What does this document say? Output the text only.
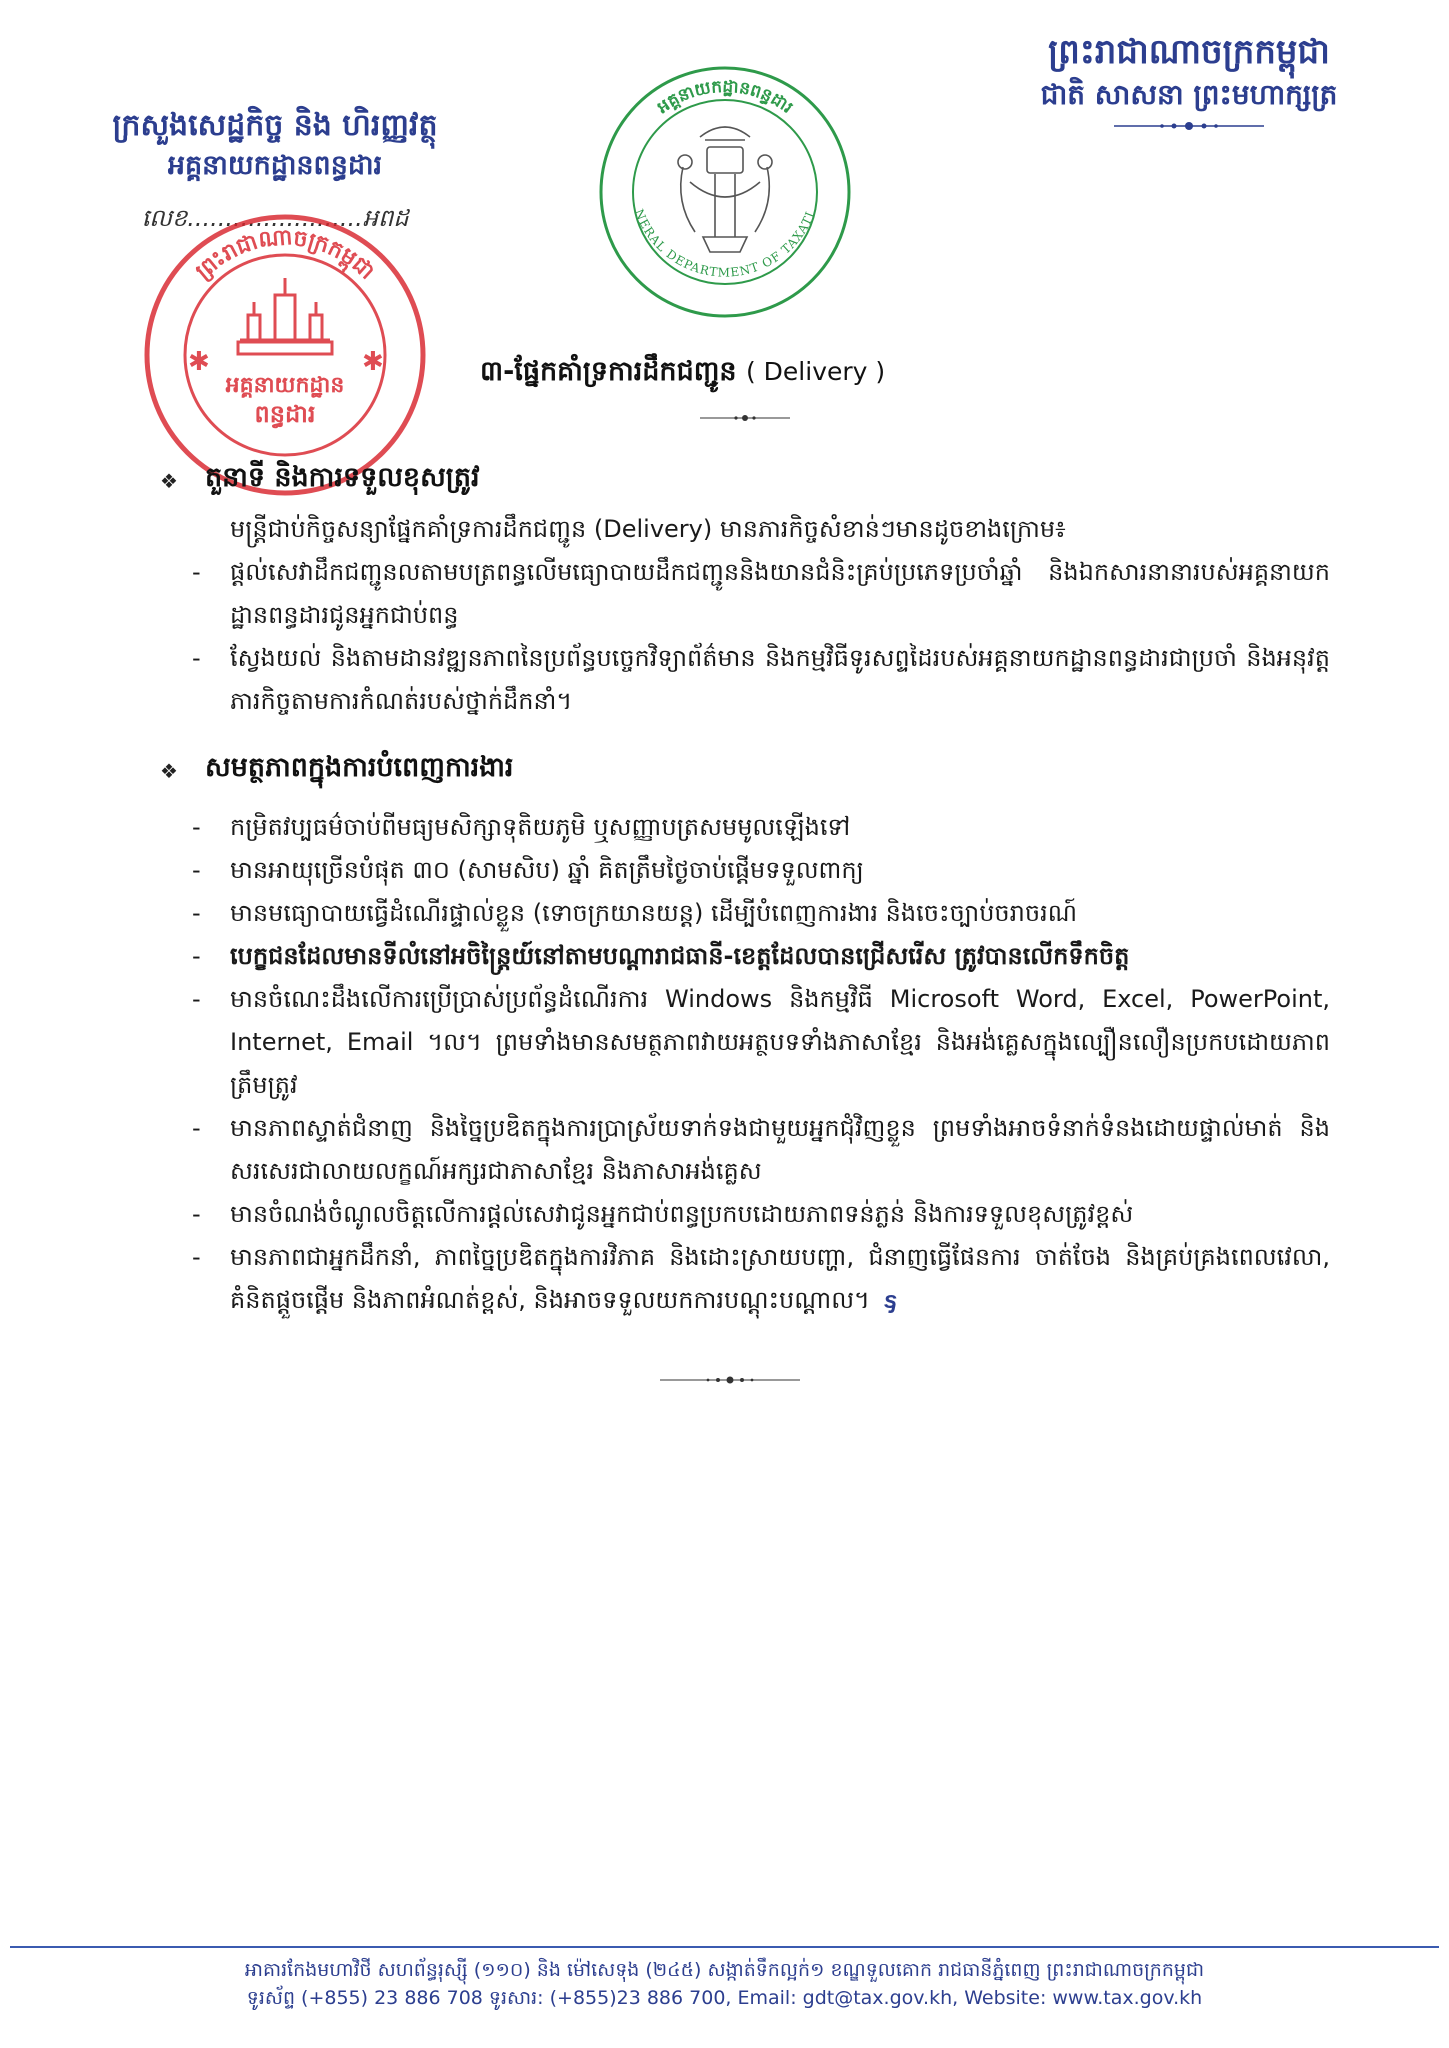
ព្រះរាជាណាចក្រកម្ពុជា
ជាតិ សាសនា ព្រះមហាក្សត្រ
ក្រសួងសេដ្ឋកិច្ច និង ហិរញ្ញវត្ថុ
អគ្គនាយកដ្ឋានពន្ធដារ
លេខ.......................អពដ
អគ្គនាយកដ្ឋានពន្ធដារ
NERAL DEPARTMENT OF TAXATI
ព្រះរាជាណាចក្រកម្ពុជា
✱	✱
អគ្គនាយកដ្ឋាន
ពន្ធដារ
៣-ផ្នែកគាំទ្រការដឹកជញ្ជូន ( Delivery )
❖	តួនាទី និងការទទួលខុសត្រូវ
មន្ត្រីជាប់កិច្ចសន្យាផ្នែកគាំទ្រការដឹកជញ្ជូន (Delivery) មានភារកិច្ចសំខាន់ៗមានដូចខាងក្រោម៖
-	ផ្តល់សេវាដឹកជញ្ជូនលតាមបត្រពន្ធលើមធ្យោបាយដឹកជញ្ជូននិងយានជំនិះគ្រប់ប្រភេទប្រចាំឆ្នាំ និងឯកសារនានារបស់អគ្គនាយកដ្ឋានពន្ធដារជូនអ្នកជាប់ពន្ធ
-	ស្វែងយល់ និងតាមដានវឌ្ឍនភាពនៃប្រព័ន្ធបច្ចេកវិទ្យាព័ត៌មាន និងកម្មវិធីទូរសព្ទដៃរបស់អគ្គនាយកដ្ឋានពន្ធដារជាប្រចាំ និងអនុវត្តភារកិច្ចតាមការកំណត់របស់ថ្នាក់ដឹកនាំ។
❖	សមត្ថភាពក្នុងការបំពេញការងារ
-	កម្រិតវប្បធម៌ចាប់ពីមធ្យមសិក្សាទុតិយភូមិ ឬសញ្ញាបត្រសមមូលឡើងទៅ
-	មានអាយុច្រើនបំផុត ៣០ (សាមសិប) ឆ្នាំ គិតត្រឹមថ្ងៃចាប់ផ្តើមទទួលពាក្យ
-	មានមធ្យោបាយធ្វើដំណើរផ្ទាល់ខ្លួន (ទោចក្រយានយន្ត) ដើម្បីបំពេញការងារ និងចេះច្បាប់ចរាចរណ៍
-	បេក្ខជនដែលមានទីលំនៅអចិន្ត្រៃយ៍នៅតាមបណ្តារាជធានី-ខេត្តដែលបានជ្រើសរើស ត្រូវបានលើកទឹកចិត្ត
-	មានចំណេះដឹងលើការប្រើប្រាស់ប្រព័ន្ធដំណើរការ Windows និងកម្មវិធី Microsoft Word, Excel, PowerPoint, Internet, Email ។ល។ ព្រមទាំងមានសមត្ថភាពវាយអត្ថបទទាំងភាសាខ្មែរ និងអង់គ្លេសក្នុងល្បឿនលឿនប្រកបដោយភាពត្រឹមត្រូវ
-	មានភាពស្ទាត់ជំនាញ និងច្នៃប្រឌិតក្នុងការប្រាស្រ័យទាក់ទងជាមួយអ្នកជុំវិញខ្លួន ព្រមទាំងអាចទំនាក់ទំនងដោយផ្ទាល់មាត់ និងសរសេរជាលាយលក្ខណ៍អក្សរជាភាសាខ្មែរ និងភាសាអង់គ្លេស
-	មានចំណង់ចំណូលចិត្តលើការផ្តល់សេវាជូនអ្នកជាប់ពន្ធប្រកបដោយភាពទន់ភ្លន់ និងការទទួលខុសត្រូវខ្ពស់
-	មានភាពជាអ្នកដឹកនាំ, ភាពច្នៃប្រឌិតក្នុងការវិភាគ និងដោះស្រាយបញ្ហា, ជំនាញធ្វើផែនការ ចាត់ចែង និងគ្រប់គ្រងពេលវេលា, គំនិតផ្តួចផ្តើម និងភាពអំណត់ខ្ពស់, និងអាចទទួលយកការបណ្តុះបណ្តាល។ ᶊ
អាគារកែងមហាវិថី សហព័ន្ធរុស្ស៊ី (១១០) និង ម៉ៅសេទុង (២៤៥) សង្កាត់ទឹកល្អក់១ ខណ្ឌទួលគោក រាជធានីភ្នំពេញ ព្រះរាជាណាចក្រកម្ពុជា
ទូរស័ព្ទ (+855) 23 886 708 ទូរសារ: (+855)23 886 700, Email: gdt@tax.gov.kh, Website: www.tax.gov.kh
